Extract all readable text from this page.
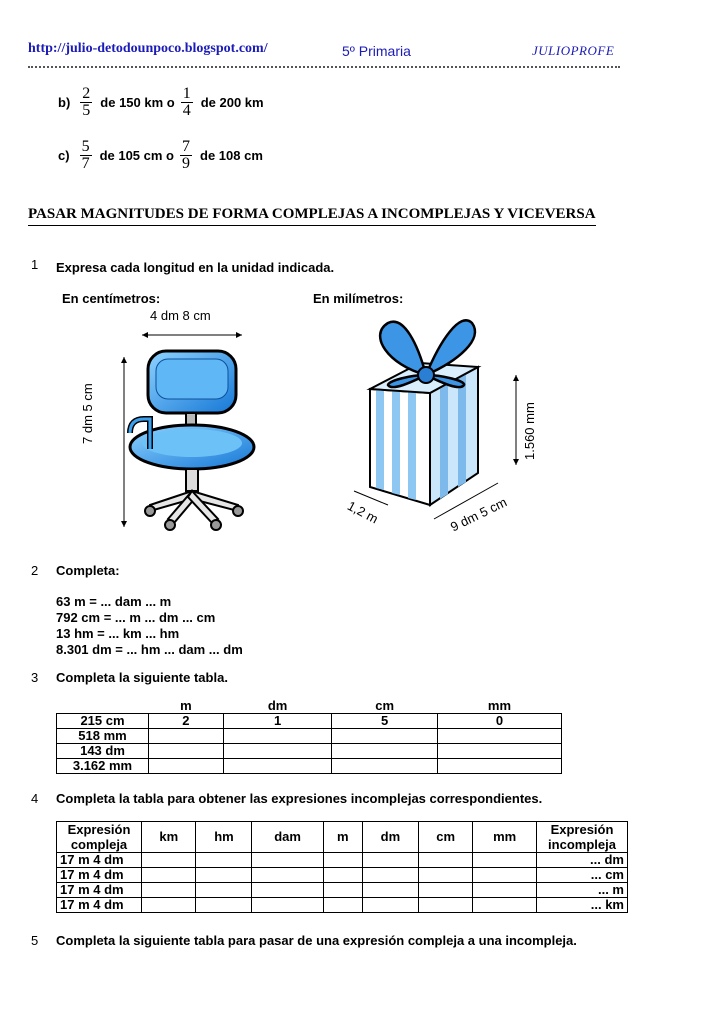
http://julio-detodounpoco.blogspot.com/	5º Primaria	JULIOPROFE
$b) \frac{2}{5}$ de 150 km o $\frac{1}{4}$ de 200 km
$c) \frac{5}{7}$ de 105 cm o $\frac{7}{9}$ de 108 cm
PASAR MAGNITUDES DE FORMA COMPLEJAS A INCOMPLEJAS Y VICEVERSA
1 Expresa cada longitud en la unidad indicada.
En centímetros:	En milímetros:
4 dm 8 cm
7 dm 5 cm	1.560 mm
1,2 m	9 dm 5 cm
2 Completa:
63 m = ... dam ... m
792 cm = ... m ... dm ... cm
13 hm = ... km ... hm
8.301 dm = ... hm ... dam ... dm
3 Completa la siguiente tabla.
	m	dm	cm	mm
215 cm	2	1	5	0
518 mm				
143 dm				
3.162 mm				
4 Completa la tabla para obtener las expresiones incomplejas correspondientes.
Expresión compleja	km	hm	dam	m	dm	cm	mm	Expresión incompleja
17 m 4 dm								... dm
17 m 4 dm								... cm
17 m 4 dm								... m
17 m 4 dm								... km
5 Completa la siguiente tabla para pasar de una expresión compleja a una incompleja.
